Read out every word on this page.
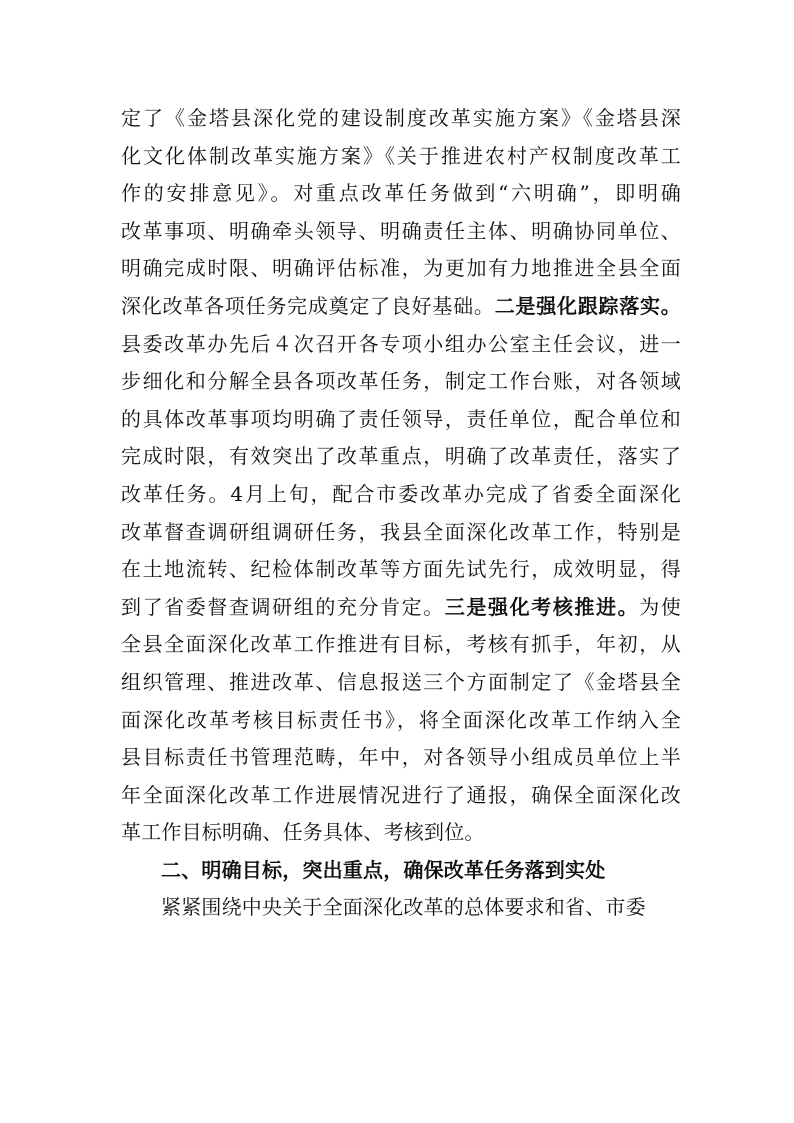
定了《金塔县深化党的建设制度改革实施方案》《金塔县深
化文化体制改革实施方案》《关于推进农村产权制度改革工
作的安排意见》。对重点改革任务做到“六明确”，即明确
改革事项、明确牵头领导、明确责任主体、明确协同单位、
明确完成时限、明确评估标准，为更加有力地推进全县全面
深化改革各项任务完成奠定了良好基础。二是强化跟踪落实。
县委改革办先后４次召开各专项小组办公室主任会议，进一
步细化和分解全县各项改革任务，制定工作台账，对各领域
的具体改革事项均明确了责任领导，责任单位，配合单位和
完成时限，有效突出了改革重点，明确了改革责任，落实了
改革任务。4月上旬，配合市委改革办完成了省委全面深化
改革督查调研组调研任务，我县全面深化改革工作，特别是
在土地流转、纪检体制改革等方面先试先行，成效明显，得
到了省委督查调研组的充分肯定。三是强化考核推进。为使
全县全面深化改革工作推进有目标，考核有抓手，年初，从
组织管理、推进改革、信息报送三个方面制定了《金塔县全
面深化改革考核目标责任书》，将全面深化改革工作纳入全
县目标责任书管理范畴，年中，对各领导小组成员单位上半
年全面深化改革工作进展情况进行了通报，确保全面深化改
革工作目标明确、任务具体、考核到位。
二、明确目标，突出重点，确保改革任务落到实处
紧紧围绕中央关于全面深化改革的总体要求和省、市委
